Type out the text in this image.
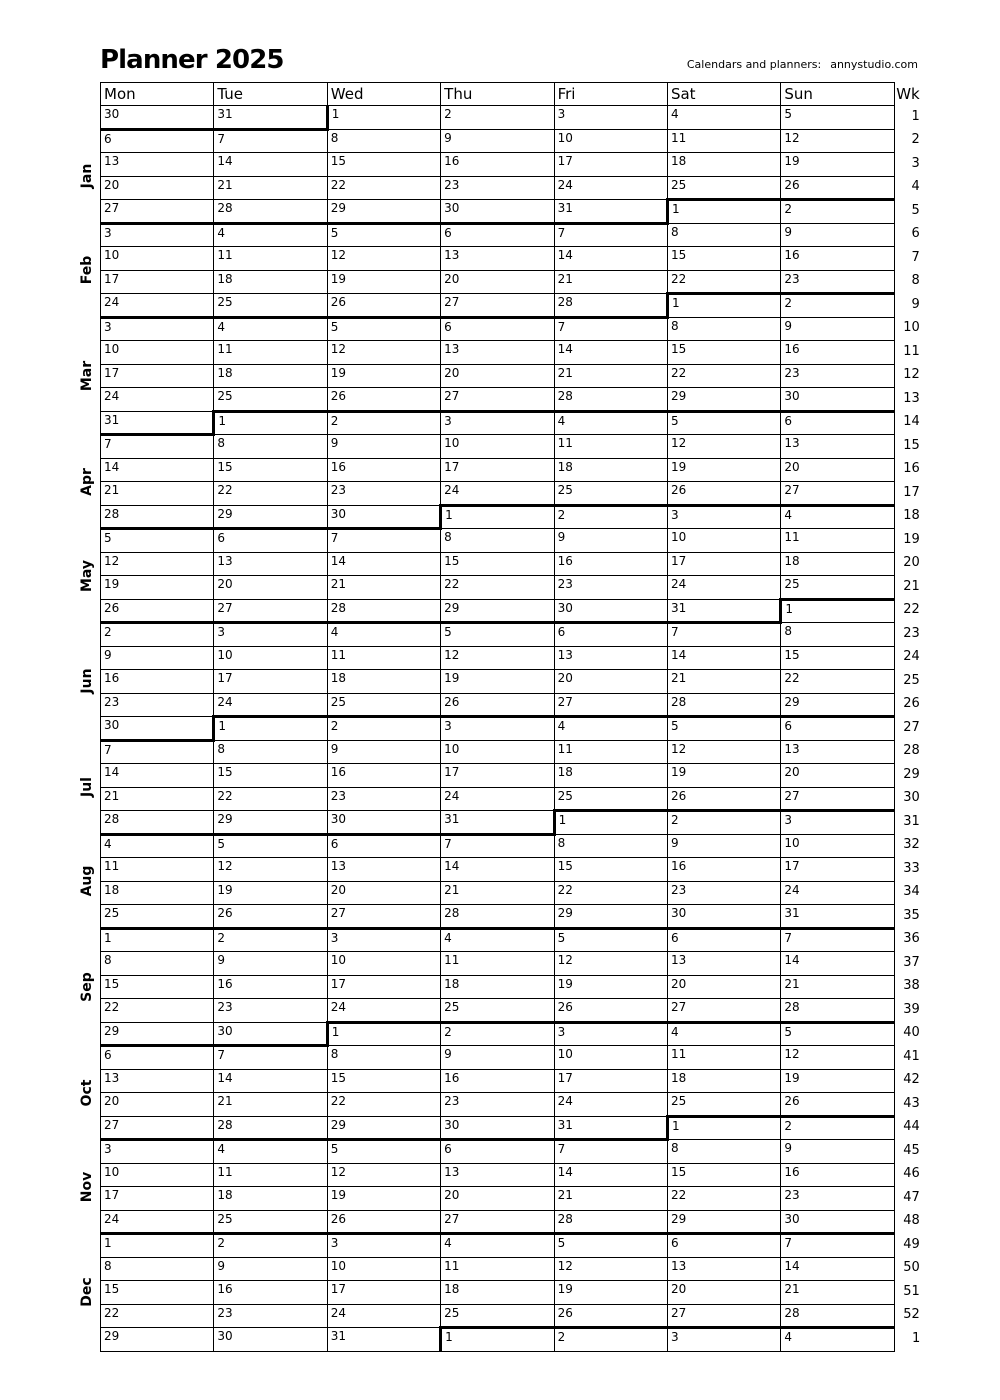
Planner 2025	Calendars and planners: annystudio.com
Jan
Feb
Mar
Apr
May
Jun
Jul
Aug
Sep
Oct
Nov
Dec
Mon	Tue	Wed	Thu	Fri	Sat	Sun	Wk
30	31	1	2	3	4	5	1
6	7	8	9	10	11	12	2
13	14	15	16	17	18	19	3
20	21	22	23	24	25	26	4
27	28	29	30	31	1	2	5
3	4	5	6	7	8	9	6
10	11	12	13	14	15	16	7
17	18	19	20	21	22	23	8
24	25	26	27	28	1	2	9
3	4	5	6	7	8	9	10
10	11	12	13	14	15	16	11
17	18	19	20	21	22	23	12
24	25	26	27	28	29	30	13
31	1	2	3	4	5	6	14
7	8	9	10	11	12	13	15
14	15	16	17	18	19	20	16
21	22	23	24	25	26	27	17
28	29	30	1	2	3	4	18
5	6	7	8	9	10	11	19
12	13	14	15	16	17	18	20
19	20	21	22	23	24	25	21
26	27	28	29	30	31	1	22
2	3	4	5	6	7	8	23
9	10	11	12	13	14	15	24
16	17	18	19	20	21	22	25
23	24	25	26	27	28	29	26
30	1	2	3	4	5	6	27
7	8	9	10	11	12	13	28
14	15	16	17	18	19	20	29
21	22	23	24	25	26	27	30
28	29	30	31	1	2	3	31
4	5	6	7	8	9	10	32
11	12	13	14	15	16	17	33
18	19	20	21	22	23	24	34
25	26	27	28	29	30	31	35
1	2	3	4	5	6	7	36
8	9	10	11	12	13	14	37
15	16	17	18	19	20	21	38
22	23	24	25	26	27	28	39
29	30	1	2	3	4	5	40
6	7	8	9	10	11	12	41
13	14	15	16	17	18	19	42
20	21	22	23	24	25	26	43
27	28	29	30	31	1	2	44
3	4	5	6	7	8	9	45
10	11	12	13	14	15	16	46
17	18	19	20	21	22	23	47
24	25	26	27	28	29	30	48
1	2	3	4	5	6	7	49
8	9	10	11	12	13	14	50
15	16	17	18	19	20	21	51
22	23	24	25	26	27	28	52
29	30	31	1	2	3	4	1
